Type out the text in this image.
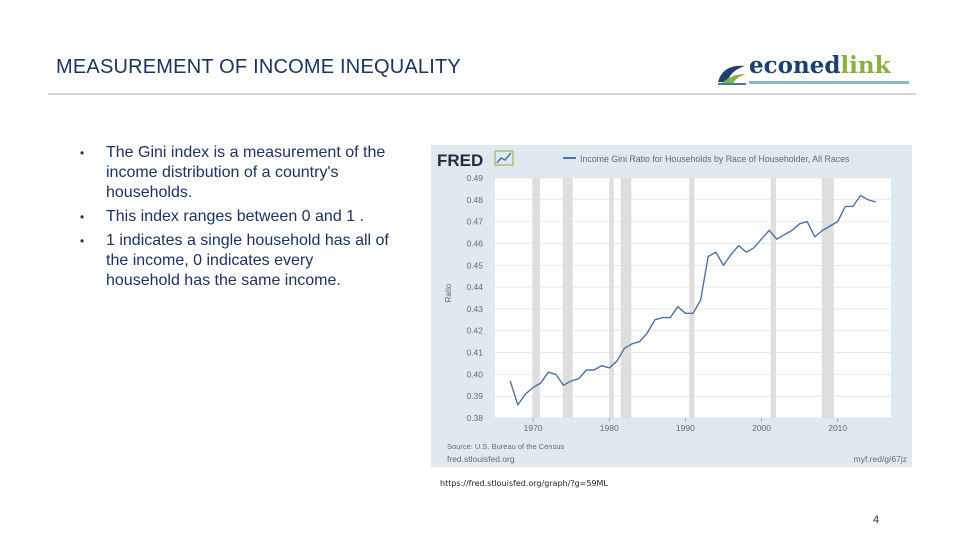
MEASUREMENT OF INCOME INEQUALITY	econedlink
• The Gini index is a measurement of the income distribution of a country's households.
• This index ranges between 0 and 1 .
• 1 indicates a single household has all of the income, 0 indicates every household has the same income.
0.49
0.48
0.47
0.46
0.45
0.44
0.43
0.42
0.41
0.40
0.39
0.38
1970	1980	1990	2000	2010
FRED	Income Gini Ratio for Households by Race of Householder, All Races
Ratio
Source: U.S. Bureau of the Census
fred.stlouisfed.org	myf.red/g/67jz
https://fred.stlouisfed.org/graph/?g=59ML
4
